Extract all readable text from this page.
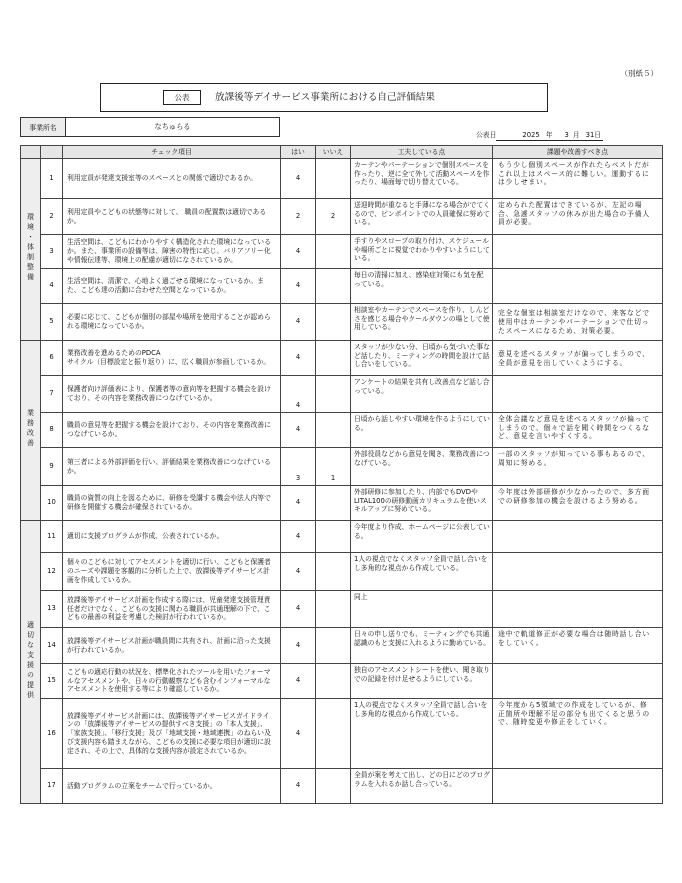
（別紙５）
公表	放課後等デイサービス事業所における自己評価結果
事業所名	なちゅらる
公表日	2025 年 3 月 31日
		チェック項目	はい	いいえ	工夫している点	課題や改善すべき点
環境・体制整備	1	利用定員が発達支援室等のスペースとの関係で適切であるか。	4		カーテンやパーテーションで個別スペースを作ったり、逆に全て外して活動スペースを作ったり、場面毎で切り替えている。	もう少し個別スペースが作れたらベストだがこれ以上はスペース的に難しい。運動するには少しせまい。

	2	利用定員やこどもの状態等に対して、 職員の配置数は適切であるか。	2	2	送迎時間が重なると手薄になる場合がでてくるので、ピンポイントでの人員確保に努めている。	定められた配置はできているが、左記の場合、急遽スタッフの休みが出た場合の予備人員が必要。

	3	生活空間は、こどもにわかりやすく構造化された環境になっているか。また、事業所の設備等は、障害の特性に応じ、バリアフリー化や情報伝達等、環境上の配慮が適切になされているか。	4		手すりやスロープの取り付け、スケジュールや場所ごとに視覚でわかりやすいようにしている。	

	4	生活空間は、清潔で、心地よく過ごせる環境になっているか。また、こども達の活動に合わせた空間となっているか。	4		毎日の清掃に加え、感染症対策にも気を配っている。	

	5	必要に応じて、こどもが個別の部屋や場所を使用することが認められる環境になっているか。	4		相談室やカーテンでスペースを作り、しんどさを感じる場合やクールダウンの場として使用している。	完全な個室は相談室だけなので、来客などで使用中はカーテンやパーテーションで仕切ったスペースになるため、対策必要。

業務改善	6	業務改善を進めるためのPDCA
サイクル（目標設定と振り返り）に、広く職員が参画しているか。	4		スタッフが少ない分、日頃から気づいた事など話したり、ミーティングの時間を設けて話し合いをしている。	意見を述べるスタッフが偏ってしまうので、全員が意見を出していくようにする。

	7	保護者向け評価表により、保護者等の意向等を把握する機会を設けており、その内容を業務改善につなげているか。	4		アンケートの結果を共有し改善点など話し合っている。	

	8	職員の意見等を把握する機会を設けており、その内容を業務改善につなげているか。	4		日頃から話しやすい環境を作るようにしている。	全体会議など意見を述べるスタッフが偏ってしまうので、個々で話を聞く時間をつくるなど、意見を言いやすくする。

	9	第三者による外部評価を行い、評価結果を業務改善につなげているか。	3	1	外部役員などから意見を聞き、業務改善につなげている。	一部のスタッフが知っている事もあるので、周知に努める。

	10	職員の資質の向上を図るために、研修を受講する機会や法人内等で研修を開催する機会が確保されているか。	4		外部研修に参加したり、内部でもDVDやLITAL100の研修動画カリキュラムを使いスキルアップに努めている。	今年度は外部研修が少なかったので、多方面での研修参加の機会を設けるよう努める。

適切な支援の提供	11	適切に支援プログラムが作成、公表されているか。	4		今年度より作成、ホームページに公表している。	

	12	個々のこどもに対してアセスメントを適切に行い、こどもと保護者のニーズや課題を客観的に分析した上で、放課後等デイサービス計画を作成しているか。	4		1人の視点でなくスタッフ全員で話し合いをし多角的な視点から作成している。	

	13	放課後等デイサービス計画を作成する際には、児童発達支援管理責任者だけでなく、こどもの支援に関わる職員が共通理解の下で、こどもの最善の利益を考慮した検討が行われているか。	4		同上	

	14	放課後等デイサービス計画が職員間に共有され、計画に沿った支援が行われているか。	4		日々の申し送りでも、ミーティングでも共通認識のもと支援に入れるように勤めている。	途中で軌道修正が必要な場合は随時話し合いをしていく。

	15	こどもの適応行動の状況を、標準化されたツールを用いたフォーマルなアセスメントや、日々の行動観察なども含むインフォーマルなアセスメントを使用する等により確認しているか。	4		独自のアセスメントシートを使い、聞き取りでの記録を付け足せるようにしている。	

	16	放課後等デイサービス計画には、放課後等デイサービスガイドラインの「放課後等デイサービスの提供すべき支援」の「本人支援」、「家族支援」、「移行支援」及び「地域支援・地域連携」のねらい及び支援内容も踏まえながら、こどもの支援に必要な項目が適切に設定され、その上で、具体的な支援内容が設定されているか。	4		1人の視点でなくスタッフ全員で話し合いをし多角的な視点から作成している。	今年度から5領域での作成をしているが、修正箇所や理解不足の部分も出てくると思うので、随時変更や修正をしていく。

	17	活動プログラムの立案をチームで行っているか。	4		全員が案を考えて出し、どの日にどのプログラムを入れるか話し合っている。	
